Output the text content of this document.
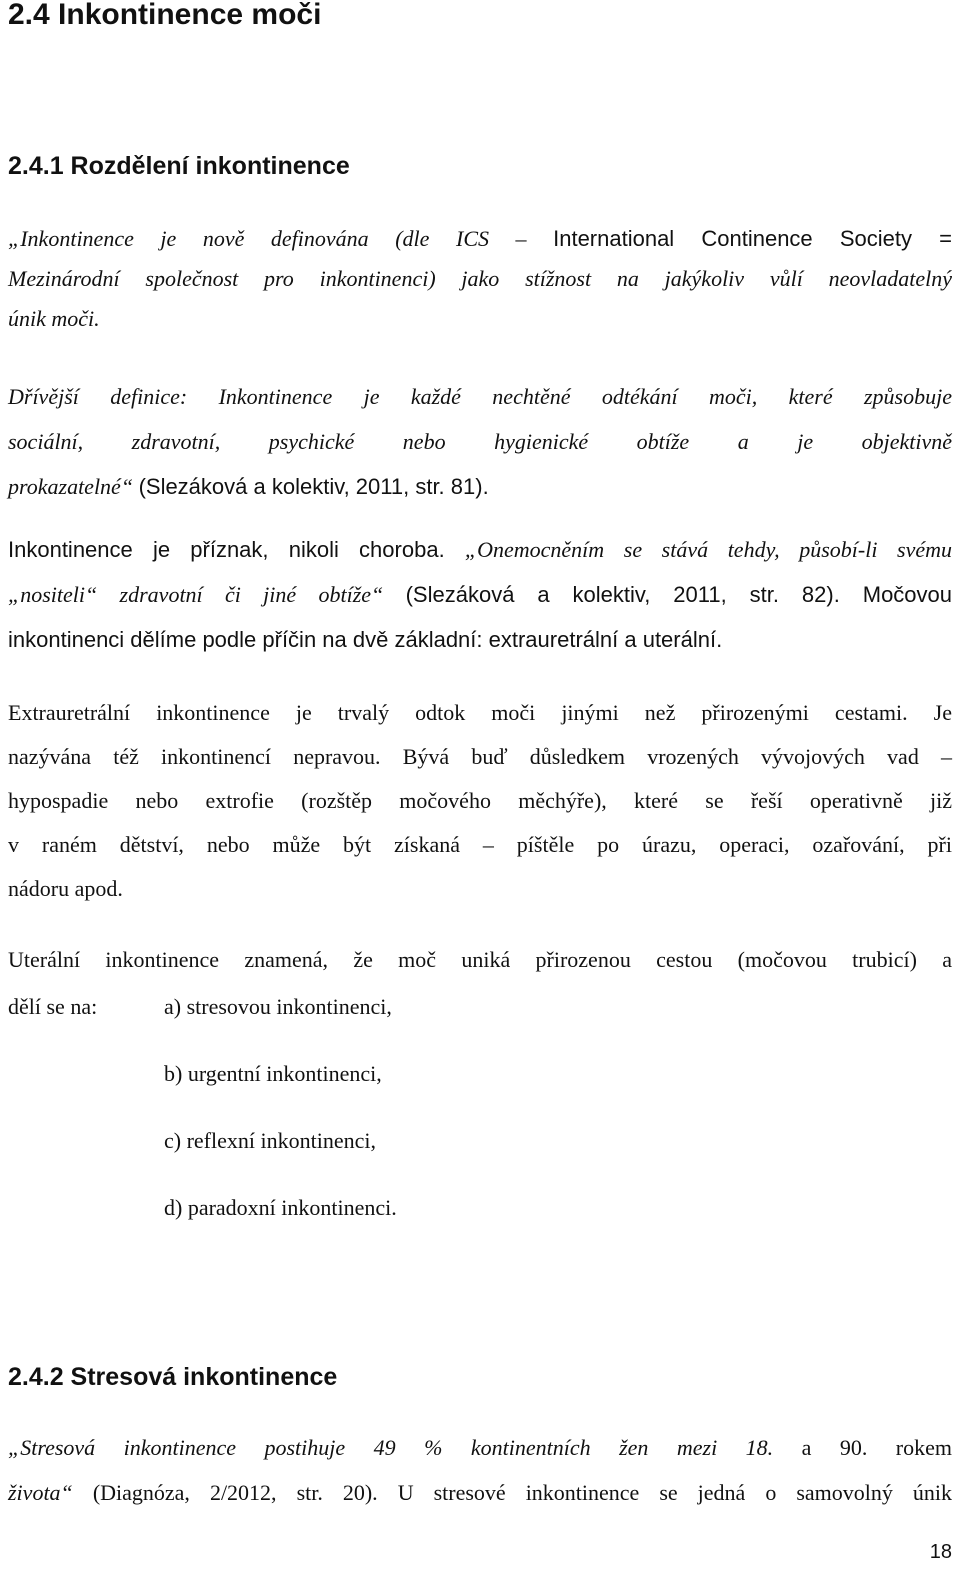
2.4 Inkontinence moči
2.4.1 Rozdělení inkontinence
„Inkontinence je nově definována (dle ICS – International Continence Society =
Mezinárodní společnost pro inkontinenci) jako stížnost na jakýkoliv vůlí neovladatelný
únik moči.
Dřívější definice: Inkontinence je každé nechtěné odtékání moči, které způsobuje
sociální, zdravotní, psychické nebo hygienické obtíže a je objektivně
prokazatelné“ (Slezáková a kolektiv, 2011, str. 81).
Inkontinence je příznak, nikoli choroba. „Onemocněním se stává tehdy, působí-li svému
„nositeli“ zdravotní či jiné obtíže“ (Slezáková a kolektiv, 2011, str. 82). Močovou
inkontinenci dělíme podle příčin na dvě základní: extrauretrální a uterální.
Extrauretrální inkontinence je trvalý odtok moči jinými než přirozenými cestami. Je
nazývána též inkontinencí nepravou. Bývá buď důsledkem vrozených vývojových vad –
hypospadie nebo extrofie (rozštěp močového měchýře), které se řeší operativně již
v raném dětství, nebo může být získaná – píštěle po úrazu, operaci, ozařování, při
nádoru apod.
Uterální inkontinence znamená, že moč uniká přirozenou cestou (močovou trubicí) a
dělí se na:	a) stresovou inkontinenci,
b) urgentní inkontinenci,
c) reflexní inkontinenci,
d) paradoxní inkontinenci.
2.4.2 Stresová inkontinence
„Stresová inkontinence postihuje 49 % kontinentních žen mezi 18. a 90. rokem
života“ (Diagnóza, 2/2012, str. 20). U stresové inkontinence se jedná o samovolný únik
18
